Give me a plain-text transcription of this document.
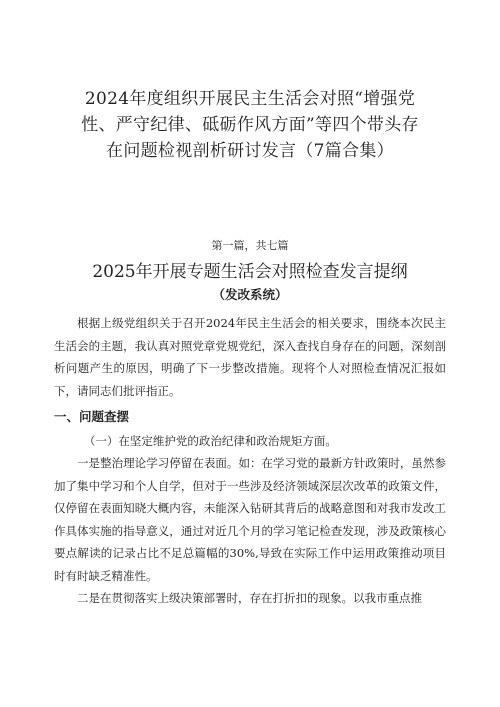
2024年度组织开展民主生活会对照“增强党
性、严守纪律、砥砺作风方面”等四个带头存
在问题检视剖析研讨发言（7篇合集）

第一篇，共七篇

2025年开展专题生活会对照检查发言提纲

（发改系统）

根据上级党组织关于召开2024年民主生活会的相关要求，围绕本次民主生活会的主题，我认真对照党章党规党纪，深入查找自身存在的问题，深刻剖析问题产生的原因，明确了下一步整改措施。现将个人对照检查情况汇报如下，请同志们批评指正。

一、问题查摆

（一）在坚定维护党的政治纪律和政治规矩方面。

一是整治理论学习停留在表面。如：在学习党的最新方针政策时，虽然参加了集中学习和个人自学，但对于一些涉及经济领域深层次改革的政策文件，仅停留在表面知晓大概内容，未能深入钻研其背后的战略意图和对我市发改工作具体实施的指导意义，通过对近几个月的学习笔记检查发现，涉及政策核心要点解读的记录占比不足总篇幅的30%,导致在实际工作中运用政策推动项目时有时缺乏精准性。

二是在贯彻落实上级决策部署时，存在打折扣的现象。以我市重点推
